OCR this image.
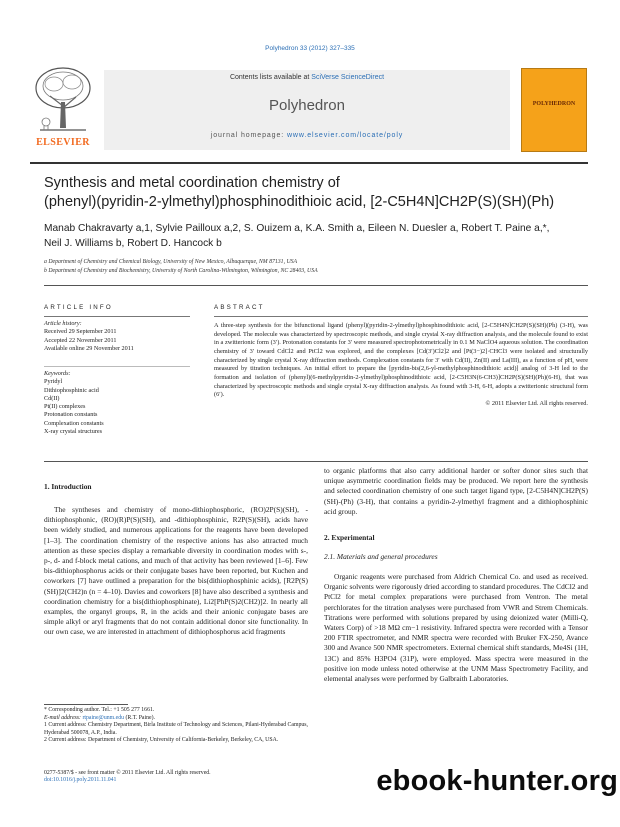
Polyhedron 33 (2012) 327–335
ELSEVIER
Contents lists available at SciVerse ScienceDirect
Polyhedron
journal homepage: www.elsevier.com/locate/poly
POLYHEDRON
Synthesis and metal coordination chemistry of
(phenyl)(pyridin-2-ylmethyl)phosphinodithioic acid, [2-C5H4N]CH2P(S)(SH)(Ph)
Manab Chakravarty a,1, Sylvie Pailloux a,2, S. Ouizem a, K.A. Smith a, Eileen N. Duesler a, Robert T. Paine a,*,
Neil J. Williams b, Robert D. Hancock b
a Department of Chemistry and Chemical Biology, University of New Mexico, Albuquerque, NM 87131, USA
b Department of Chemistry and Biochemistry, University of North Carolina-Wilmington, Wilmington, NC 28403, USA
ARTICLE INFO
Article history:
Received 29 September 2011
Accepted 22 November 2011
Available online 29 November 2011
Keywords:
Pyridyl
Dithiophosphinic acid
Cd(II)
Pt(II) complexes
Protonation constants
Complexation constants
X-ray crystal structures
ABSTRACT
A three-step synthesis for the bifunctional ligand (phenyl)(pyridin-2-ylmethyl)phosphinodithioic acid, [2-C5H4N]CH2P(S)(SH)(Ph) (3-H), was developed. The molecule was characterized by spectroscopic methods, and single crystal X-ray diffraction analysis, and the molecule found to exist in a zwitterionic form (3′). Protonation constants for 3′ were measured spectrophotometrically in 0.1 M NaClO4 aqueous solution. The coordination chemistry of 3′ toward CdCl2 and PtCl2 was explored, and the complexes [Cd(3′)Cl2]2 and [Pt(3−)2]·CHCl3 were isolated and structurally characterized by single crystal X-ray diffraction methods. Complexation constants for 3′ with Cd(II), Zn(II) and La(III), as a function of pH, were measured by titration techniques. An initial effort to prepare the [pyridin-bis(2,6-yl-methylphosphinodithioic acid)] analog of 3-H led to the formation and isolation of (phenyl)(6-methylpyridin-2-ylmethyl)phosphinodithioic acid, [2-C5H3N(6-CH3)]CH2P(S)(SH)(Ph)(6-H), that was characterized by spectroscopic methods and single crystal X-ray diffraction analysis. As found with 3-H, 6-H, adopts a zwitterionic structural form (6′).
© 2011 Elsevier Ltd. All rights reserved.

1. Introduction

The syntheses and chemistry of mono-dithiophosphoric, (RO)2P(S)(SH), -dithiophosphonic, (RO)(R)P(S)(SH), and -dithiophosphinic, R2P(S)(SH), acids have been widely studied, and numerous applications for the reagents have been developed [1–3]. The coordination chemistry of the respective anions has also attracted much attention as these species display a remarkable diversity in coordination modes with s-, p-, d- and f-block metal cations, and much of that activity has been reviewed [1–6]. Few bis-dithiophosphorus acids or their conjugate bases have been reported, but Kuchen and coworkers [7] have outlined a preparation for the bis(dithiophosphinic acids), [R2P(S)(SH)]2(CH2)n (n = 4–10). Davies and coworkers [8] have also described a synthesis and coordination chemistry for a bis(dithiophosphinate), Li2[PhP(S)2(CH2)]2. In nearly all examples, the organyl groups, R, in the acids and their anionic conjugate bases are simple alkyl or aryl fragments that do not contain additional donor site functionality. In our own case, we are interested in attachment of dithiophosphorus acid fragments

to organic platforms that also carry additional harder or softer donor sites such that unique asymmetric coordination fields may be produced. We report here the synthesis and selected coordination chemistry of one such target ligand type, [2-C5H4N]CH2P(S)(SH)-(Ph) (3-H), that contains a pyridin-2-ylmethyl fragment and a dithiophosphinic acid group.

2. Experimental

2.1. Materials and general procedures

Organic reagents were purchased from Aldrich Chemical Co. and used as received. Organic solvents were rigorously dried according to standard procedures. The CdCl2 and PtCl2 for metal complex preparations were purchased from Ventron. The metal perchlorates for the titration analyses were purchased from VWR and Strem Chemicals. Titrations were performed with solutions prepared by using deionized water (Milli-Q, Waters Corp) of >18 MΩ cm−1 resistivity. Infrared spectra were recorded with a Tensor 200 FTIR spectrometer, and NMR spectra were recorded with Bruker FX-250, Avance 300 and Avance 500 NMR spectrometers. External chemical shift standards, Me4Si (1H, 13C) and 85% H3PO4 (31P), were employed. Mass spectra were measured in the positive ion mode unless noted otherwise at the UNM Mass Spectrometry Facility, and elemental analyses were performed by Galbraith Laboratories.

* Corresponding author. Tel.: +1 505 277 1661.
E-mail address: rtpaine@unm.edu (R.T. Paine).
1 Current address: Chemistry Department, Birla Institute of Technology and Sciences, Pilani-Hyderabad Campus, Hyderabad 500078, A.P., India.
2 Current address: Department of Chemistry, University of California-Berkeley, Berkeley, CA, USA.
0277-5387/$ - see front matter © 2011 Elsevier Ltd. All rights reserved.
doi:10.1016/j.poly.2011.11.041	ebook-hunter.org
